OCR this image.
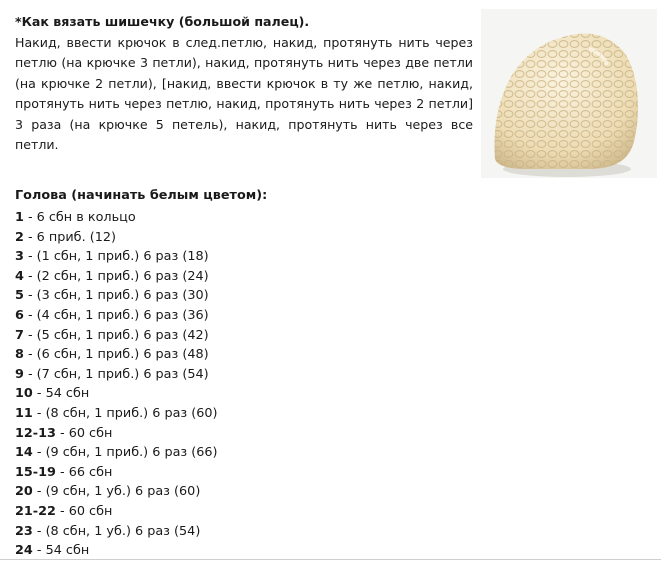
*Как вязать шишечку (большой палец).
Накид, ввести крючок в след.петлю, накид, протянуть нить через петлю (на крючке 3 петли), накид, протянуть нить через две петли (на крючке 2 петли), [накид, ввести крючок в ту же петлю, накид, протянуть нить через петлю, накид, протянуть нить через 2 петли] 3 раза (на крючке 5 петель), накид, протянуть нить через все петли.
Голова (начинать белым цветом):
1 - 6 сбн в кольцо
2 - 6 приб. (12)
3 - (1 сбн, 1 приб.) 6 раз (18)
4 - (2 сбн, 1 приб.) 6 раз (24)
5 - (3 сбн, 1 приб.) 6 раз (30)
6 - (4 сбн, 1 приб.) 6 раз (36)
7 - (5 сбн, 1 приб.) 6 раз (42)
8 - (6 сбн, 1 приб.) 6 раз (48)
9 - (7 сбн, 1 приб.) 6 раз (54)
10 - 54 сбн
11 - (8 сбн, 1 приб.) 6 раз (60)
12-13 - 60 сбн
14 - (9 сбн, 1 приб.) 6 раз (66)
15-19 - 66 сбн
20 - (9 сбн, 1 уб.) 6 раз (60)
21-22 - 60 сбн
23 - (8 сбн, 1 уб.) 6 раз (54)
24 - 54 сбн
